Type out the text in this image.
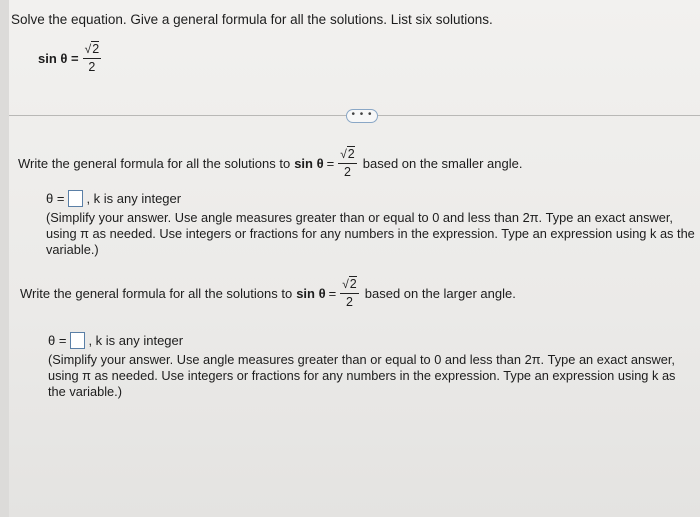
Solve the equation. Give a general formula for all the solutions. List six solutions.
$\sin \theta = \frac{√2}{2}$
• • •
Write the general formula for all the solutions to $\sin \theta = \frac{√2}{2}$ based on the smaller angle.
θ = , k is any integer
(Simplify your answer. Use angle measures greater than or equal to 0 and less than 2π. Type an exact answer, using π as needed. Use integers or fractions for any numbers in the expression. Type an expression using k as the variable.)
Write the general formula for all the solutions to $\sin \theta = \frac{√2}{2}$ based on the larger angle.
θ = , k is any integer
(Simplify your answer. Use angle measures greater than or equal to 0 and less than 2π. Type an exact answer, using π as needed. Use integers or fractions for any numbers in the expression. Type an expression using k as the variable.)
